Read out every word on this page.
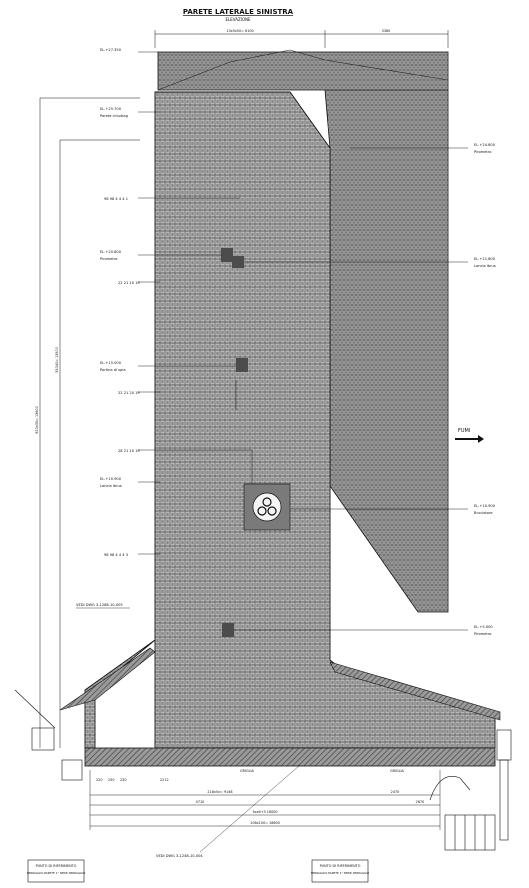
PARETE LATERALE SINISTRA
ELEVAZIONE
13x5x50= 6100	3380
920x35= 13600
55040= 13500
EL.+27.350
EL.+25.700
Parete chiudiag
EL.+20.800
Pirometro
EL.+15.000
Portina di spia
EL.+10.900
Lancia lbrus
98 98 4 4 4 1
22 21 20 19
22 21 20 19
28 21 20 19
98 98 4 4 4 3
EL.+24.800
Pirometro
EL.+21.800
Lancia lbrus
EL.+10.900
Bruciatore
EL.+5.000
Pirometro
FUMI
VEDI DWG 3-1268-10-005
VEDI DWG 3-1248-10-004
218x5x= 9148
3xx6+3 18000
108x100= 18600
4710
2470
2670
220 250 230	2212
GRIGLIA	GRIGLIA
PUNTO DI RIFERIMENTO
SERRAGGIO PARETE 1° SERIE SERRAGGIO
PUNTO DI RIFERIMENTO
SERRAGGIO PARETE 1° SERIE SERRAGGIO
